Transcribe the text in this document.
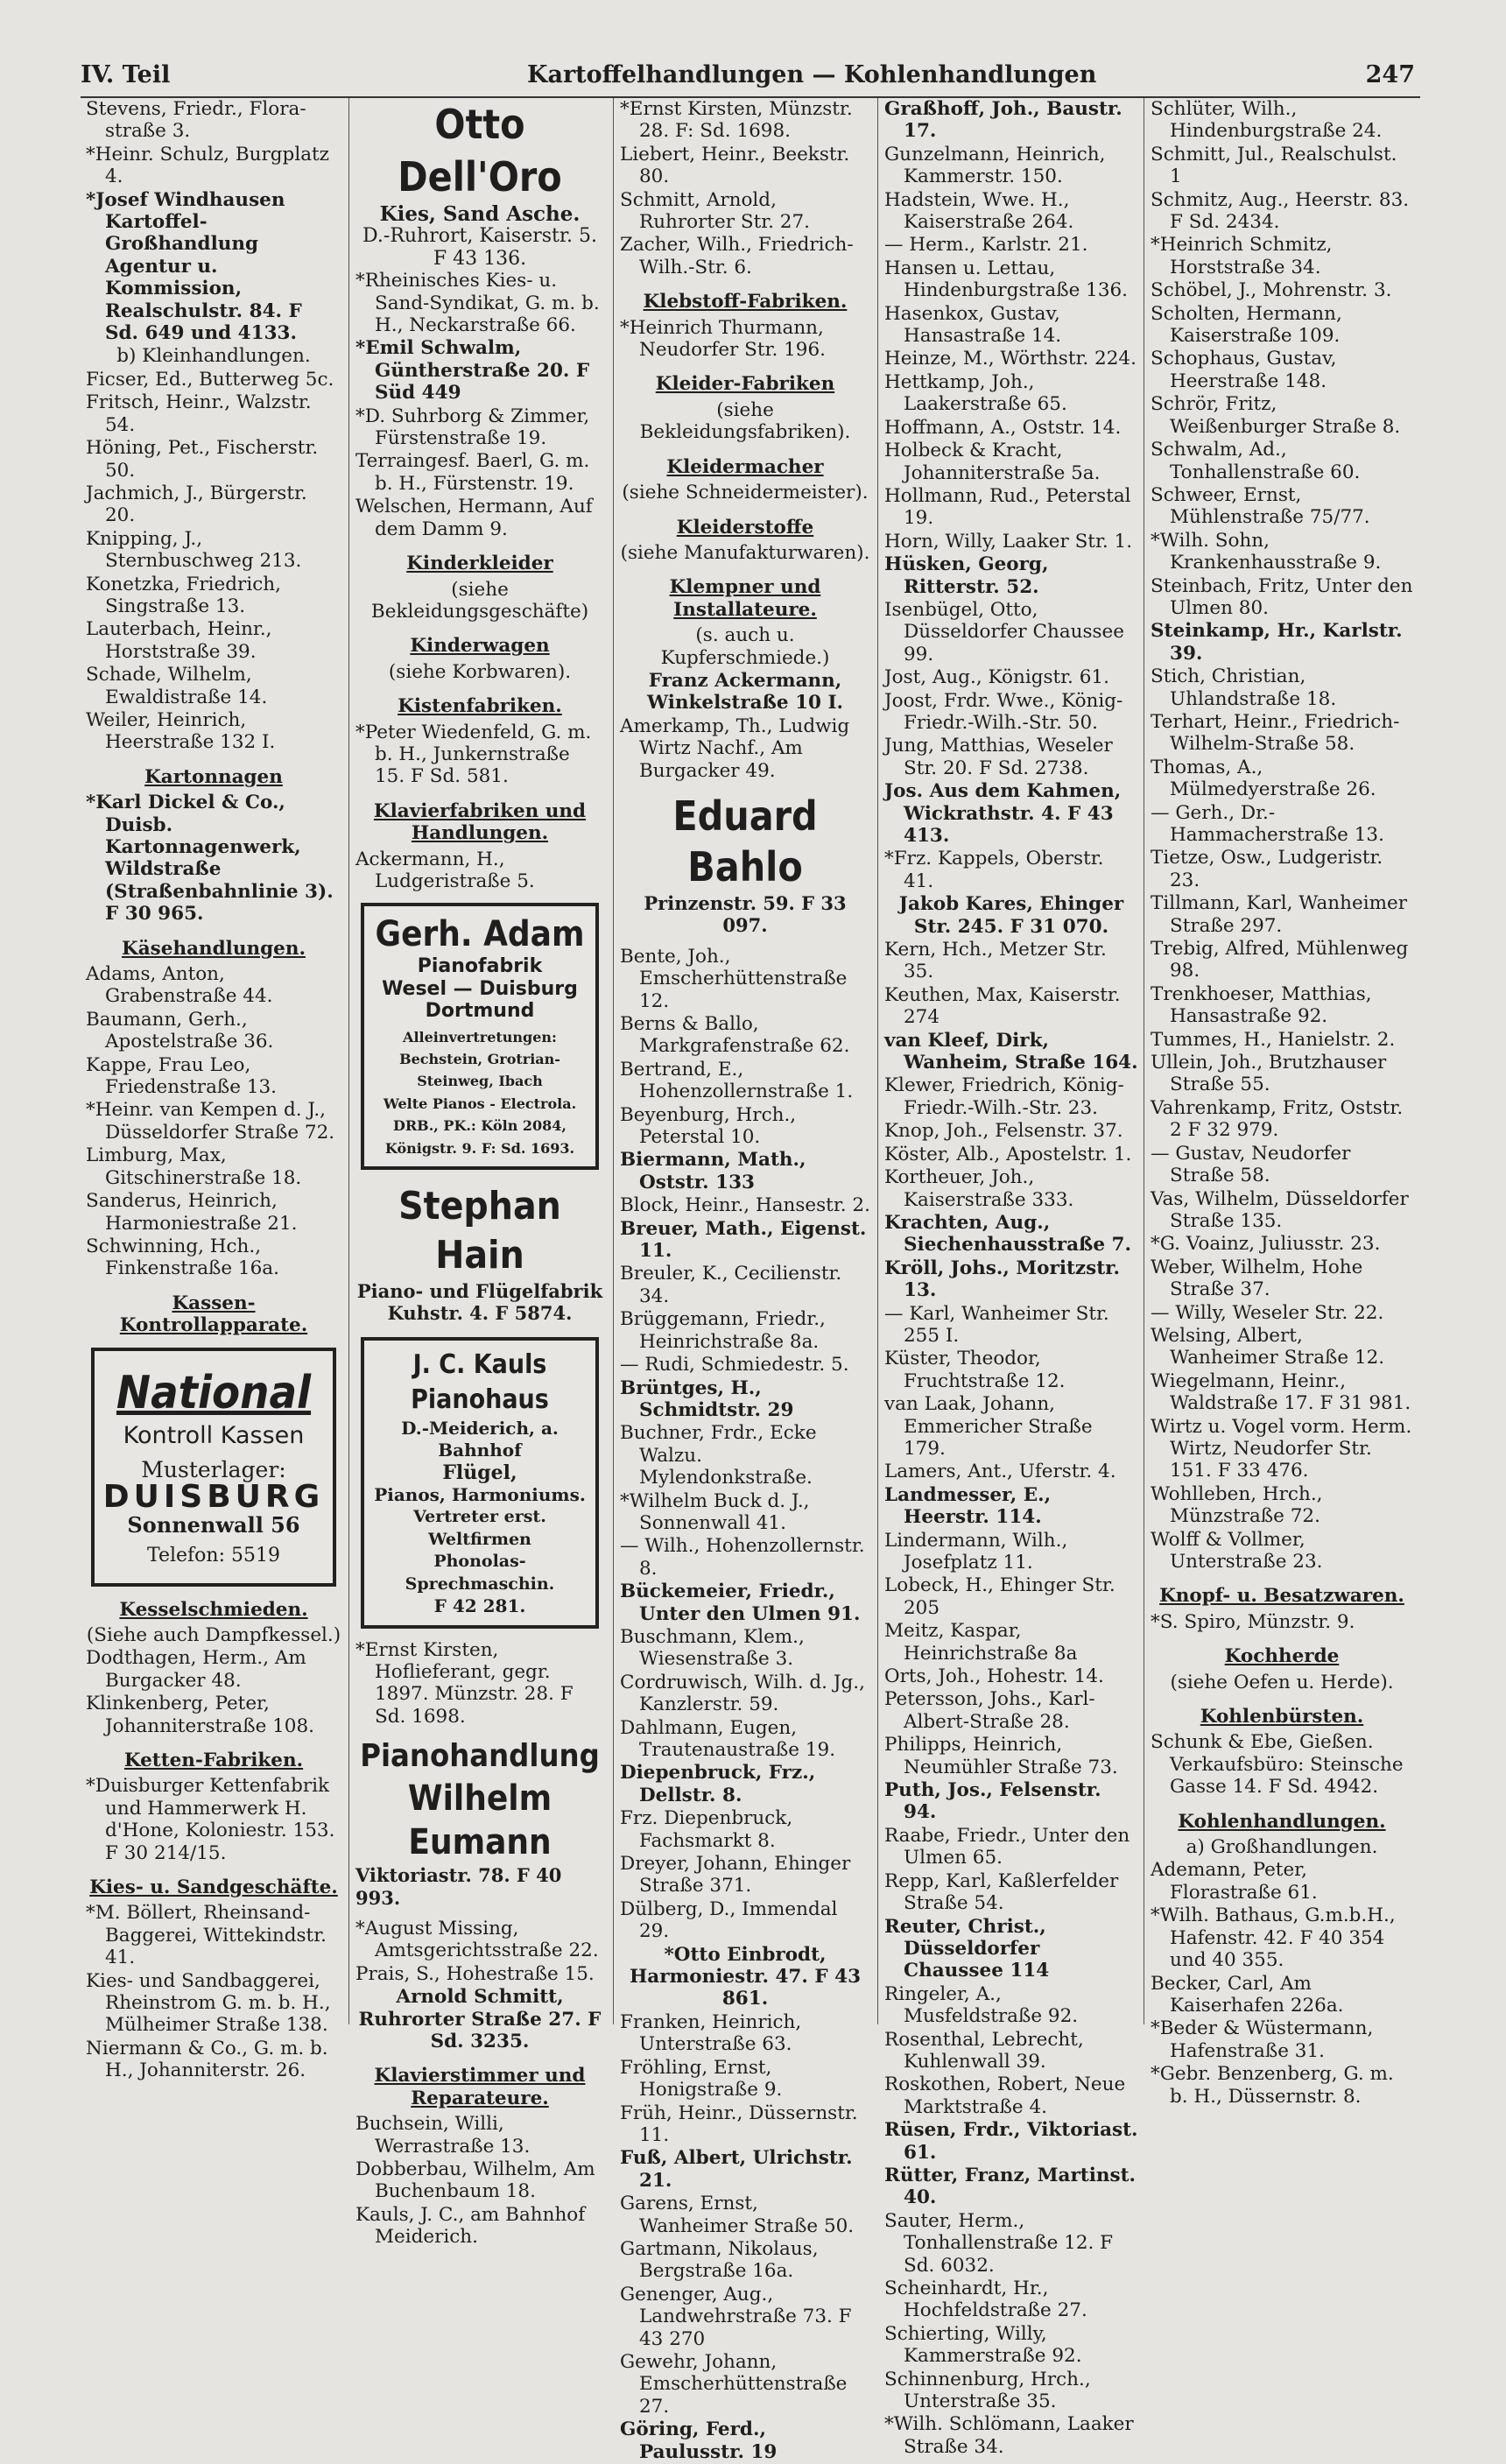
IV. Teil	Kartoffelhandlungen — Kohlenhandlungen	247
Stevens, Friedr., Flora-straße 3.
*Heinr. Schulz, Burgplatz 4.
*Josef Windhausen Kartoffel-Großhandlung Agentur u. Kommission, Realschulstr. 84. F Sd. 649 und 4133.
b) Kleinhandlungen.
Ficser, Ed., Butterweg 5c.
Fritsch, Heinr., Walzstr. 54.
Höning, Pet., Fischerstr. 50.
Jachmich, J., Bürgerstr. 20.
Knipping, J., Sternbuschweg 213.
Konetzka, Friedrich, Singstraße 13.
Lauterbach, Heinr., Horststraße 39.
Schade, Wilhelm, Ewaldistraße 14.
Weiler, Heinrich, Heerstraße 132 I.
Kartonnagen
*Karl Dickel & Co., Duisb. Kartonnagenwerk, Wildstraße (Straßenbahnlinie 3). F 30 965.
Käsehandlungen.
Adams, Anton, Grabenstraße 44.
Baumann, Gerh., Apostelstraße 36.
Kappe, Frau Leo, Friedenstraße 13.
*Heinr. van Kempen d. J., Düsseldorfer Straße 72.
Limburg, Max, Gitschinerstraße 18.
Sanderus, Heinrich, Harmoniestraße 21.
Schwinning, Hch., Finkenstraße 16a.
Kassen-Kontrollapparate.
National
Kontroll Kassen
Musterlager:
DUISBURG
Sonnenwall 56
Telefon: 5519
Kesselschmieden.
(Siehe auch Dampfkessel.)
Dodthagen, Herm., Am Burgacker 48.
Klinkenberg, Peter, Johanniterstraße 108.
Ketten-Fabriken.
*Duisburger Kettenfabrik und Hammerwerk H. d'Hone, Koloniestr. 153. F 30 214/15.
Kies- u. Sandgeschäfte.
*M. Böllert, Rheinsand-Baggerei, Wittekindstr. 41.
Kies- und Sandbaggerei, Rheinstrom G. m. b. H., Mülheimer Straße 138.
Niermann & Co., G. m. b. H., Johanniterstr. 26.
Otto Dell'Oro
Kies, Sand Asche.
D.-Ruhrort, Kaiserstr. 5.
F 43 136.
*Rheinisches Kies- u. Sand-Syndikat, G. m. b. H., Neckarstraße 66.
*Emil Schwalm, Güntherstraße 20. F Süd 449
*D. Suhrborg & Zimmer, Fürstenstraße 19.
Terraingesf. Baerl, G. m. b. H., Fürstenstr. 19.
Welschen, Hermann, Auf dem Damm 9.
Kinderkleider
(siehe Bekleidungsgeschäfte)
Kinderwagen
(siehe Korbwaren).
Kistenfabriken.
*Peter Wiedenfeld, G. m. b. H., Junkernstraße 15. F Sd. 581.
Klavierfabriken und Handlungen.
Ackermann, H., Ludgeristraße 5.
Gerh. Adam
Pianofabrik
Wesel — Duisburg
Dortmund
Alleinvertretungen:
Bechstein, Grotrian-Steinweg, Ibach
Welte Pianos - Electrola.
DRB., PK.: Köln 2084,
Königstr. 9. F: Sd. 1693.
Stephan Hain
Piano- und Flügelfabrik
Kuhstr. 4. F 5874.
J. C. Kauls Pianohaus
D.-Meiderich, a. Bahnhof
Flügel,
Pianos, Harmoniums.
Vertreter erst. Weltfirmen
Phonolas-Sprechmaschin.
F 42 281.
*Ernst Kirsten, Hoflieferant, gegr. 1897. Münzstr. 28. F Sd. 1698.
Pianohandlung
Wilhelm Eumann
Viktoriastr. 78. F 40 993.
*August Missing, Amtsgerichtsstraße 22.
Prais, S., Hohestraße 15.
Arnold Schmitt, Ruhrorter Straße 27. F Sd. 3235.
Klavierstimmer und Reparateure.
Buchsein, Willi, Werrastraße 13.
Dobberbau, Wilhelm, Am Buchenbaum 18.
Kauls, J. C., am Bahnhof Meiderich.
*Ernst Kirsten, Münzstr. 28. F: Sd. 1698.
Liebert, Heinr., Beekstr. 80.
Schmitt, Arnold, Ruhrorter Str. 27.
Zacher, Wilh., Friedrich-Wilh.-Str. 6.
Klebstoff-Fabriken.
*Heinrich Thurmann, Neudorfer Str. 196.
Kleider-Fabriken
(siehe Bekleidungsfabriken).
Kleidermacher
(siehe Schneidermeister).
Kleiderstoffe
(siehe Manufakturwaren).
Klempner und Installateure.
(s. auch u. Kupferschmiede.)
Franz Ackermann, Winkelstraße 10 I.
Amerkamp, Th., Ludwig Wirtz Nachf., Am Burgacker 49.
Eduard Bahlo
Prinzenstr. 59. F 33 097.
Bente, Joh., Emscherhüttenstraße 12.
Berns & Ballo, Markgrafenstraße 62.
Bertrand, E., Hohenzollernstraße 1.
Beyenburg, Hrch., Peterstal 10.
Biermann, Math., Oststr. 133
Block, Heinr., Hansestr. 2.
Breuer, Math., Eigenst. 11.
Breuler, K., Cecilienstr. 34.
Brüggemann, Friedr., Heinrichstraße 8a.
— Rudi, Schmiedestr. 5.
Brüntges, H., Schmidtstr. 29
Buchner, Frdr., Ecke Walzu. Mylendonkstraße.
*Wilhelm Buck d. J., Sonnenwall 41.
— Wilh., Hohenzollernstr. 8.
Bückemeier, Friedr., Unter den Ulmen 91.
Buschmann, Klem., Wiesenstraße 3.
Cordruwisch, Wilh. d. Jg., Kanzlerstr. 59.
Dahlmann, Eugen, Trautenaustraße 19.
Diepenbruck, Frz., Dellstr. 8.
Frz. Diepenbruck, Fachsmarkt 8.
Dreyer, Johann, Ehinger Straße 371.
Dülberg, D., Immendal 29.
*Otto Einbrodt, Harmoniestr. 47. F 43 861.
Franken, Heinrich, Unterstraße 63.
Fröhling, Ernst, Honigstraße 9.
Früh, Heinr., Düssernstr. 11.
Fuß, Albert, Ulrichstr. 21.
Garens, Ernst, Wanheimer Straße 50.
Gartmann, Nikolaus, Bergstraße 16a.
Genenger, Aug., Landwehrstraße 73. F 43 270
Gewehr, Johann, Emscherhüttenstraße 27.
Göring, Ferd., Paulusstr. 19
Graßhoff, Joh., Baustr. 17.
Gunzelmann, Heinrich, Kammerstr. 150.
Hadstein, Wwe. H., Kaiserstraße 264.
— Herm., Karlstr. 21.
Hansen u. Lettau, Hindenburgstraße 136.
Hasenkox, Gustav, Hansastraße 14.
Heinze, M., Wörthstr. 224.
Hettkamp, Joh., Laakerstraße 65.
Hoffmann, A., Oststr. 14.
Holbeck & Kracht, Johanniterstraße 5a.
Hollmann, Rud., Peterstal 19.
Horn, Willy, Laaker Str. 1.
Hüsken, Georg, Ritterstr. 52.
Isenbügel, Otto, Düsseldorfer Chaussee 99.
Jost, Aug., Königstr. 61.
Joost, Frdr. Wwe., König-Friedr.-Wilh.-Str. 50.
Jung, Matthias, Weseler Str. 20. F Sd. 2738.
Jos. Aus dem Kahmen, Wickrathstr. 4. F 43 413.
*Frz. Kappels, Oberstr. 41.
Jakob Kares, Ehinger Str. 245. F 31 070.
Kern, Hch., Metzer Str. 35.
Keuthen, Max, Kaiserstr. 274
van Kleef, Dirk, Wanheim, Straße 164.
Klewer, Friedrich, König-Friedr.-Wilh.-Str. 23.
Knop, Joh., Felsenstr. 37.
Köster, Alb., Apostelstr. 1.
Kortheuer, Joh., Kaiserstraße 333.
Krachten, Aug., Siechenhausstraße 7.
Kröll, Johs., Moritzstr. 13.
— Karl, Wanheimer Str. 255 I.
Küster, Theodor, Fruchtstraße 12.
van Laak, Johann, Emmericher Straße 179.
Lamers, Ant., Uferstr. 4.
Landmesser, E., Heerstr. 114.
Lindermann, Wilh., Josefplatz 11.
Lobeck, H., Ehinger Str. 205
Meitz, Kaspar, Heinrichstraße 8a
Orts, Joh., Hohestr. 14.
Petersson, Johs., Karl-Albert-Straße 28.
Philipps, Heinrich, Neumühler Straße 73.
Puth, Jos., Felsenstr. 94.
Raabe, Friedr., Unter den Ulmen 65.
Repp, Karl, Kaßlerfelder Straße 54.
Reuter, Christ., Düsseldorfer Chaussee 114
Ringeler, A., Musfeldstraße 92.
Rosenthal, Lebrecht, Kuhlenwall 39.
Roskothen, Robert, Neue Marktstraße 4.
Rüsen, Frdr., Viktoriast. 61.
Rütter, Franz, Martinst. 40.
Sauter, Herm., Tonhallenstraße 12. F Sd. 6032.
Scheinhardt, Hr., Hochfeldstraße 27.
Schierting, Willy, Kammerstraße 92.
Schinnenburg, Hrch., Unterstraße 35.
*Wilh. Schlömann, Laaker Straße 34.
Schlüter, Wilh., Hindenburgstraße 24.
Schmitt, Jul., Realschulst. 1
Schmitz, Aug., Heerstr. 83. F Sd. 2434.
*Heinrich Schmitz, Horststraße 34.
Schöbel, J., Mohrenstr. 3.
Scholten, Hermann, Kaiserstraße 109.
Schophaus, Gustav, Heerstraße 148.
Schrör, Fritz, Weißenburger Straße 8.
Schwalm, Ad., Tonhallenstraße 60.
Schweer, Ernst, Mühlenstraße 75/77.
*Wilh. Sohn, Krankenhausstraße 9.
Steinbach, Fritz, Unter den Ulmen 80.
Steinkamp, Hr., Karlstr. 39.
Stich, Christian, Uhlandstraße 18.
Terhart, Heinr., Friedrich-Wilhelm-Straße 58.
Thomas, A., Mülmedyerstraße 26.
— Gerh., Dr.-Hammacherstraße 13.
Tietze, Osw., Ludgeristr. 23.
Tillmann, Karl, Wanheimer Straße 297.
Trebig, Alfred, Mühlenweg 98.
Trenkhoeser, Matthias, Hansastraße 92.
Tummes, H., Hanielstr. 2.
Ullein, Joh., Brutzhauser Straße 55.
Vahrenkamp, Fritz, Oststr. 2 F 32 979.
— Gustav, Neudorfer Straße 58.
Vas, Wilhelm, Düsseldorfer Straße 135.
*G. Voainz, Juliusstr. 23.
Weber, Wilhelm, Hohe Straße 37.
— Willy, Weseler Str. 22.
Welsing, Albert, Wanheimer Straße 12.
Wiegelmann, Heinr., Waldstraße 17. F 31 981.
Wirtz u. Vogel vorm. Herm. Wirtz, Neudorfer Str. 151. F 33 476.
Wohlleben, Hrch., Münzstraße 72.
Wolff & Vollmer, Unterstraße 23.
Knopf- u. Besatzwaren.
*S. Spiro, Münzstr. 9.
Kochherde
(siehe Oefen u. Herde).
Kohlenbürsten.
Schunk & Ebe, Gießen. Verkaufsbüro: Steinsche Gasse 14. F Sd. 4942.
Kohlenhandlungen.
a) Großhandlungen.
Ademann, Peter, Florastraße 61.
*Wilh. Bathaus, G.m.b.H., Hafenstr. 42. F 40 354 und 40 355.
Becker, Carl, Am Kaiserhafen 226a.
*Beder & Wüstermann, Hafenstraße 31.
*Gebr. Benzenberg, G. m. b. H., Düssernstr. 8.
